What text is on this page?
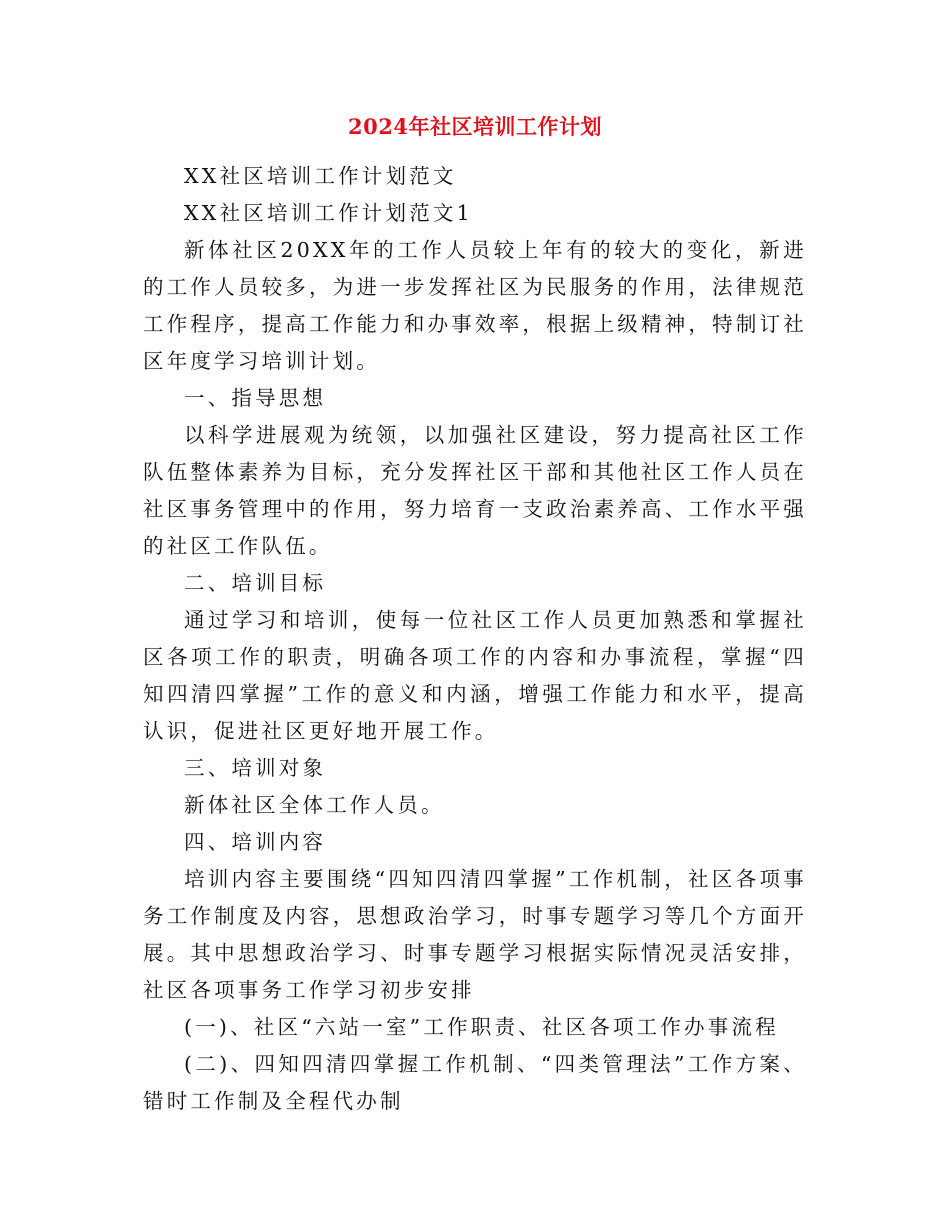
2024年社区培训工作计划

XX社区培训工作计划范文

XX社区培训工作计划范文1

新体社区20XX年的工作人员较上年有的较大的变化，新进的工作人员较多，为进一步发挥社区为民服务的作用，法律规范工作程序，提高工作能力和办事效率，根据上级精神，特制订社区年度学习培训计划。

一、指导思想

以科学进展观为统领，以加强社区建设，努力提高社区工作队伍整体素养为目标，充分发挥社区干部和其他社区工作人员在社区事务管理中的作用，努力培育一支政治素养高、工作水平强的社区工作队伍。

二、培训目标

通过学习和培训，使每一位社区工作人员更加熟悉和掌握社区各项工作的职责，明确各项工作的内容和办事流程，掌握“四知四清四掌握”工作的意义和内涵，增强工作能力和水平，提高认识，促进社区更好地开展工作。

三、培训对象

新体社区全体工作人员。

四、培训内容

培训内容主要围绕“四知四清四掌握”工作机制，社区各项事务工作制度及内容，思想政治学习，时事专题学习等几个方面开展。其中思想政治学习、时事专题学习根据实际情况灵活安排，社区各项事务工作学习初步安排

(一)、社区“六站一室”工作职责、社区各项工作办事流程

(二)、四知四清四掌握工作机制、“四类管理法”工作方案、错时工作制及全程代办制
